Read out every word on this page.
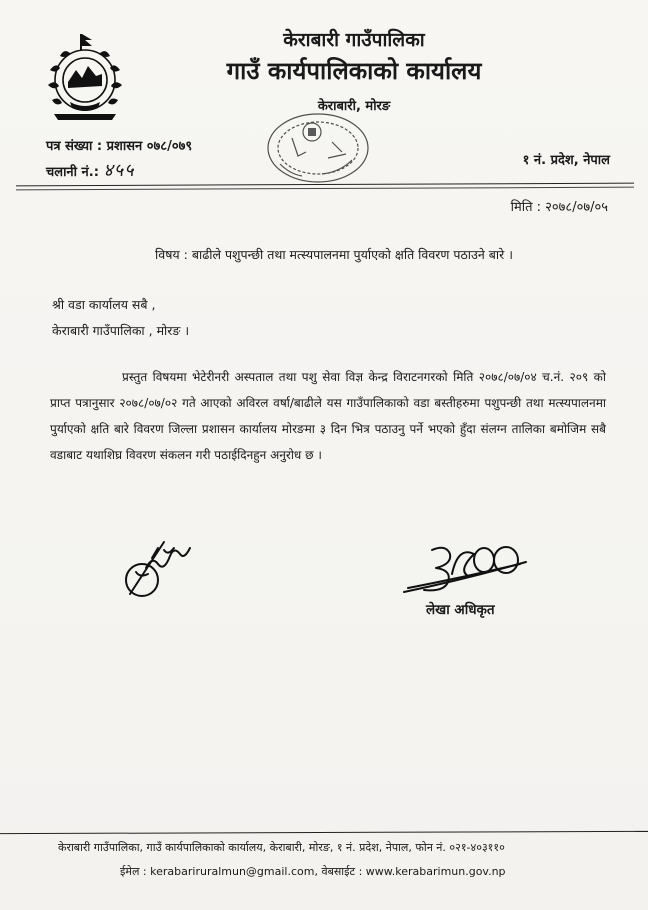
केराबारी गाउँपालिका
गाउँ कार्यपालिकाको कार्यालय
केराबारी, मोरङ
पत्र संख्या : प्रशासन ०७८/०७९
चलानी नं.: ४५५	१ नं. प्रदेश, नेपाल
मिति : २०७८/०७/०५
विषय : बाढीले पशुपन्छी तथा मत्स्यपालनमा पुर्याएको क्षति विवरण पठाउने बारे ।
श्री वडा कार्यालय सबै ,
केराबारी गाउँपालिका , मोरङ ।
प्रस्तुत विषयमा भेटेरीनरी अस्पताल तथा पशु सेवा विज्ञ केन्द्र विराटनगरको मिति २०७८/०७/०४ च.नं. २०९ को प्राप्त पत्रानुसार २०७८/०७/०२ गते आएको अविरल वर्षा/बाढीले यस गाउँपालिकाको वडा बस्तीहरुमा पशुपन्छी तथा मत्स्यपालनमा पुर्याएको क्षति बारे विवरण जिल्ला प्रशासन कार्यालय मोरङमा ३ दिन भित्र पठाउनु पर्ने भएको हुँदा संलग्न तालिका बमोजिम सबै वडाबाट यथाशिघ्र विवरण संकलन गरी पठाईदिनहुन अनुरोध छ ।
लेखा अधिकृत
केराबारी गाउँपालिका, गाउँ कार्यपालिकाको कार्यालय, केराबारी, मोरङ, १ नं. प्रदेश, नेपाल, फोन नं. ०२१-४०३११०
ईमेल : kerabariruralmun@gmail.com, वेबसाईट : www.kerabarimun.gov.np
